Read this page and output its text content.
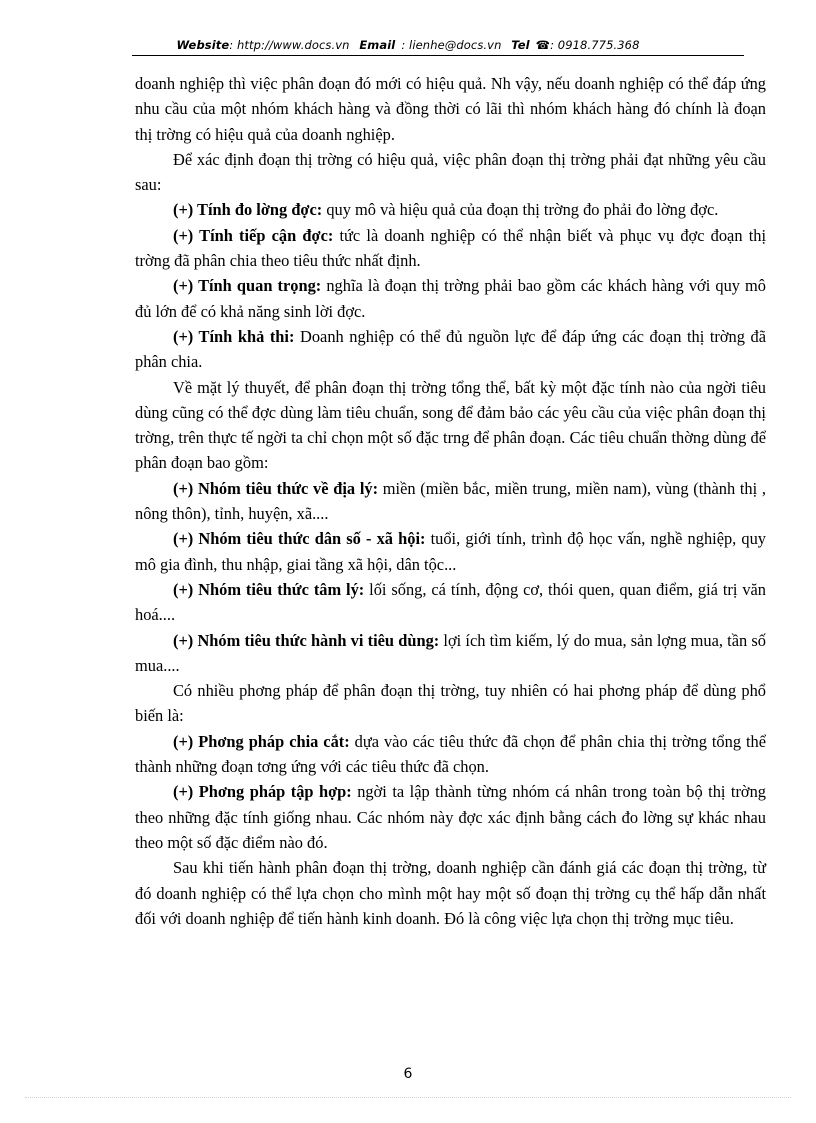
Website: http://www.docs.vn Email : lienhe@docs.vn Tel ☎: 0918.775.368

doanh nghiệp thì việc phân đoạn đó mới có hiệu quả. Nh vậy, nếu doanh nghiệp có thể đáp ứng nhu cầu của một nhóm khách hàng và đồng thời có lãi thì nhóm khách hàng đó chính là đoạn thị trờng có hiệu quả của doanh nghiệp.

Để xác định đoạn thị trờng có hiệu quả, việc phân đoạn thị trờng phải đạt những yêu cầu sau:

(+) Tính đo lờng đợc: quy mô và hiệu quả của đoạn thị trờng đo phải đo lờng đợc.

(+) Tính tiếp cận đợc: tức là doanh nghiệp có thể nhận biết và phục vụ đợc đoạn thị trờng đã phân chia theo tiêu thức nhất định.

(+) Tính quan trọng: nghĩa là đoạn thị trờng phải bao gồm các khách hàng với quy mô đủ lớn để có khả năng sinh lời đợc.

(+) Tính khả thi: Doanh nghiệp có thể đủ nguồn lực để đáp ứng các đoạn thị trờng đã phân chia.

Về mặt lý thuyết, để phân đoạn thị trờng tổng thể, bất kỳ một đặc tính nào của ngời tiêu dùng cũng có thể đợc dùng làm tiêu chuẩn, song để đảm bảo các yêu cầu của việc phân đoạn thị trờng, trên thực tế ngời ta chỉ chọn một số đặc trng để phân đoạn. Các tiêu chuẩn thờng dùng để phân đoạn bao gồm:

(+) Nhóm tiêu thức về địa lý: miền (miền bắc, miền trung, miền nam), vùng (thành thị , nông thôn), tỉnh, huyện, xã....

(+) Nhóm tiêu thức dân số - xã hội: tuổi, giới tính, trình độ học vấn, nghề nghiệp, quy mô gia đình, thu nhập, giai tầng xã hội, dân tộc...

(+) Nhóm tiêu thức tâm lý: lối sống, cá tính, động cơ, thói quen, quan điểm, giá trị văn hoá....

(+) Nhóm tiêu thức hành vi tiêu dùng: lợi ích tìm kiếm, lý do mua, sản lợng mua, tần số mua....

Có nhiều phơng pháp để phân đoạn thị trờng, tuy nhiên có hai phơng pháp để dùng phổ biến là:

(+) Phơng pháp chia cắt: dựa vào các tiêu thức đã chọn để phân chia thị trờng tổng thể thành những đoạn tơng ứng với các tiêu thức đã chọn.

(+) Phơng pháp tập hợp: ngời ta lập thành từng nhóm cá nhân trong toàn bộ thị trờng theo những đặc tính giống nhau. Các nhóm này đợc xác định bằng cách đo lờng sự khác nhau theo một số đặc điểm nào đó.

Sau khi tiến hành phân đoạn thị trờng, doanh nghiệp cần đánh giá các đoạn thị trờng, từ đó doanh nghiệp có thể lựa chọn cho mình một hay một số đoạn thị trờng cụ thể hấp dẫn nhất đối với doanh nghiệp để tiến hành kinh doanh. Đó là công việc lựa chọn thị trờng mục tiêu.

6
